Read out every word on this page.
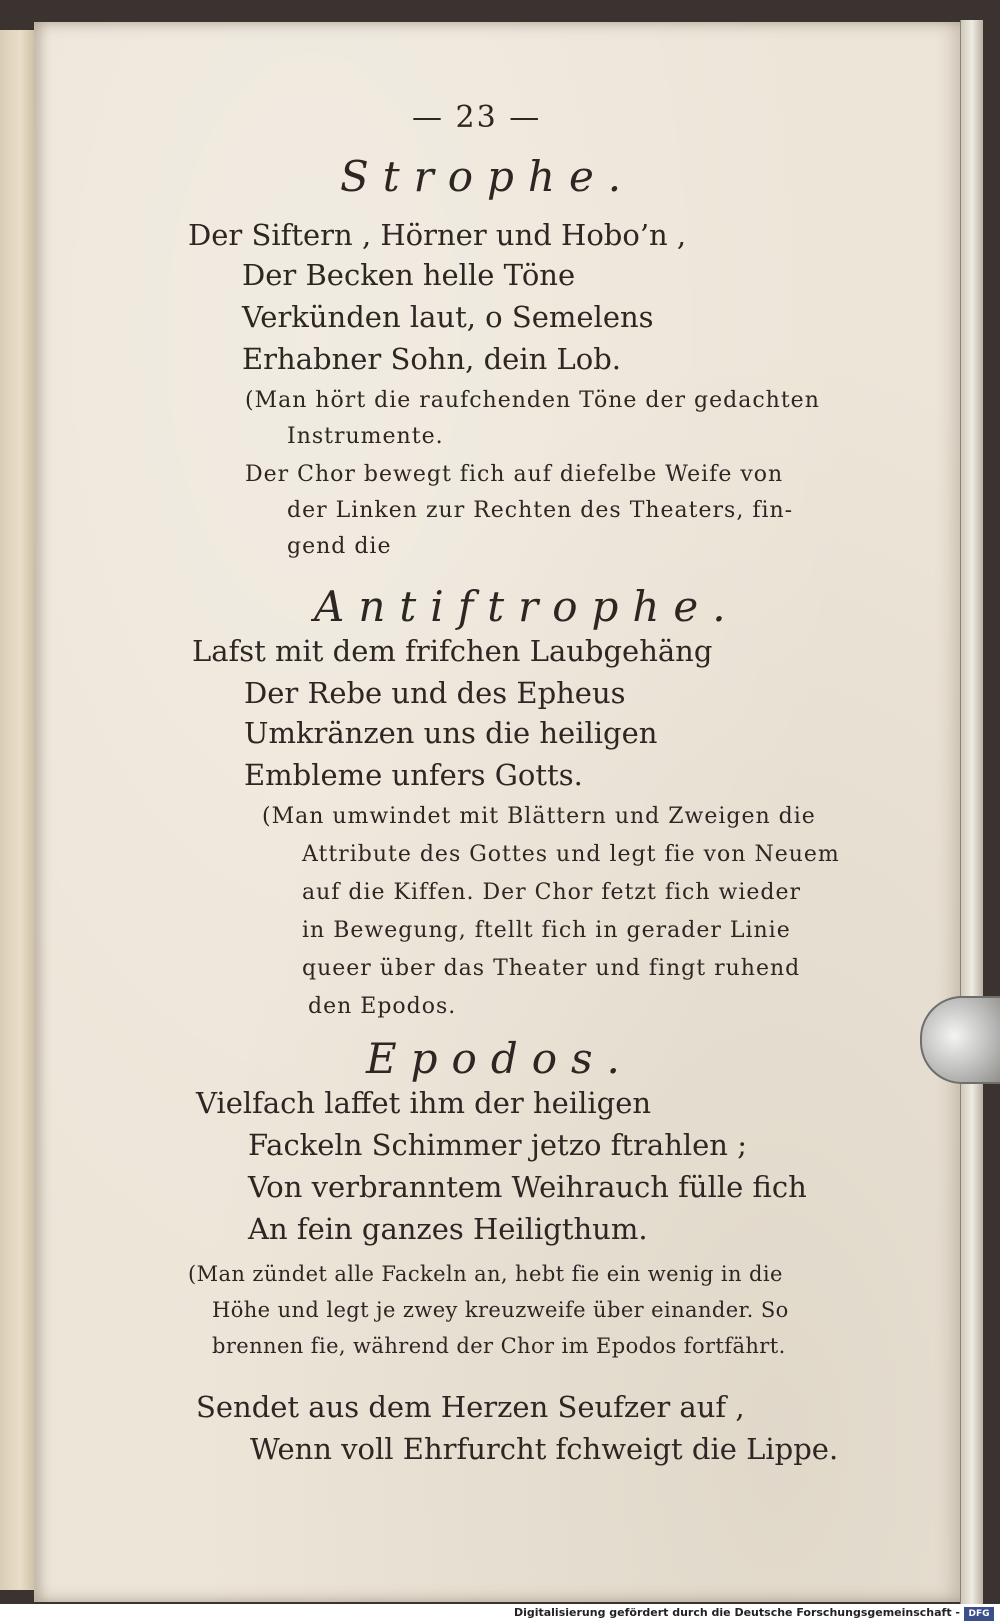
— 23 —
Strophe.
Der Siftern , Hörner und Hobo’n ,
Der Becken helle Töne
Verkünden laut, o Semelens
Erhabner Sohn, dein Lob.
(Man hört die raufchenden Töne der gedachten
Instrumente.
Der Chor bewegt fich auf diefelbe Weife von
der Linken zur Rechten des Theaters, fin-
gend die
Antiftrophe.
Lafst mit dem frifchen Laubgehäng
Der Rebe und des Epheus
Umkränzen uns die heiligen
Embleme unfers Gotts.
(Man umwindet mit Blättern und Zweigen die
Attribute des Gottes und legt fie von Neuem
auf die Kiffen. Der Chor fetzt fich wieder
in Bewegung, ftellt fich in gerader Linie
queer über das Theater und fingt ruhend
den Epodos.
Epodos.
Vielfach laffet ihm der heiligen
Fackeln Schimmer jetzo ftrahlen ;
Von verbranntem Weihrauch fülle fich
An fein ganzes Heiligthum.
(Man zündet alle Fackeln an, hebt fie ein wenig in die
Höhe und legt je zwey kreuzweife über einander. So
brennen fie, während der Chor im Epodos fortfährt.
Sendet aus dem Herzen Seufzer auf ,
Wenn voll Ehrfurcht fchweigt die Lippe.
Digitalisierung gefördert durch die Deutsche Forschungsgemeinschaft - DFG
